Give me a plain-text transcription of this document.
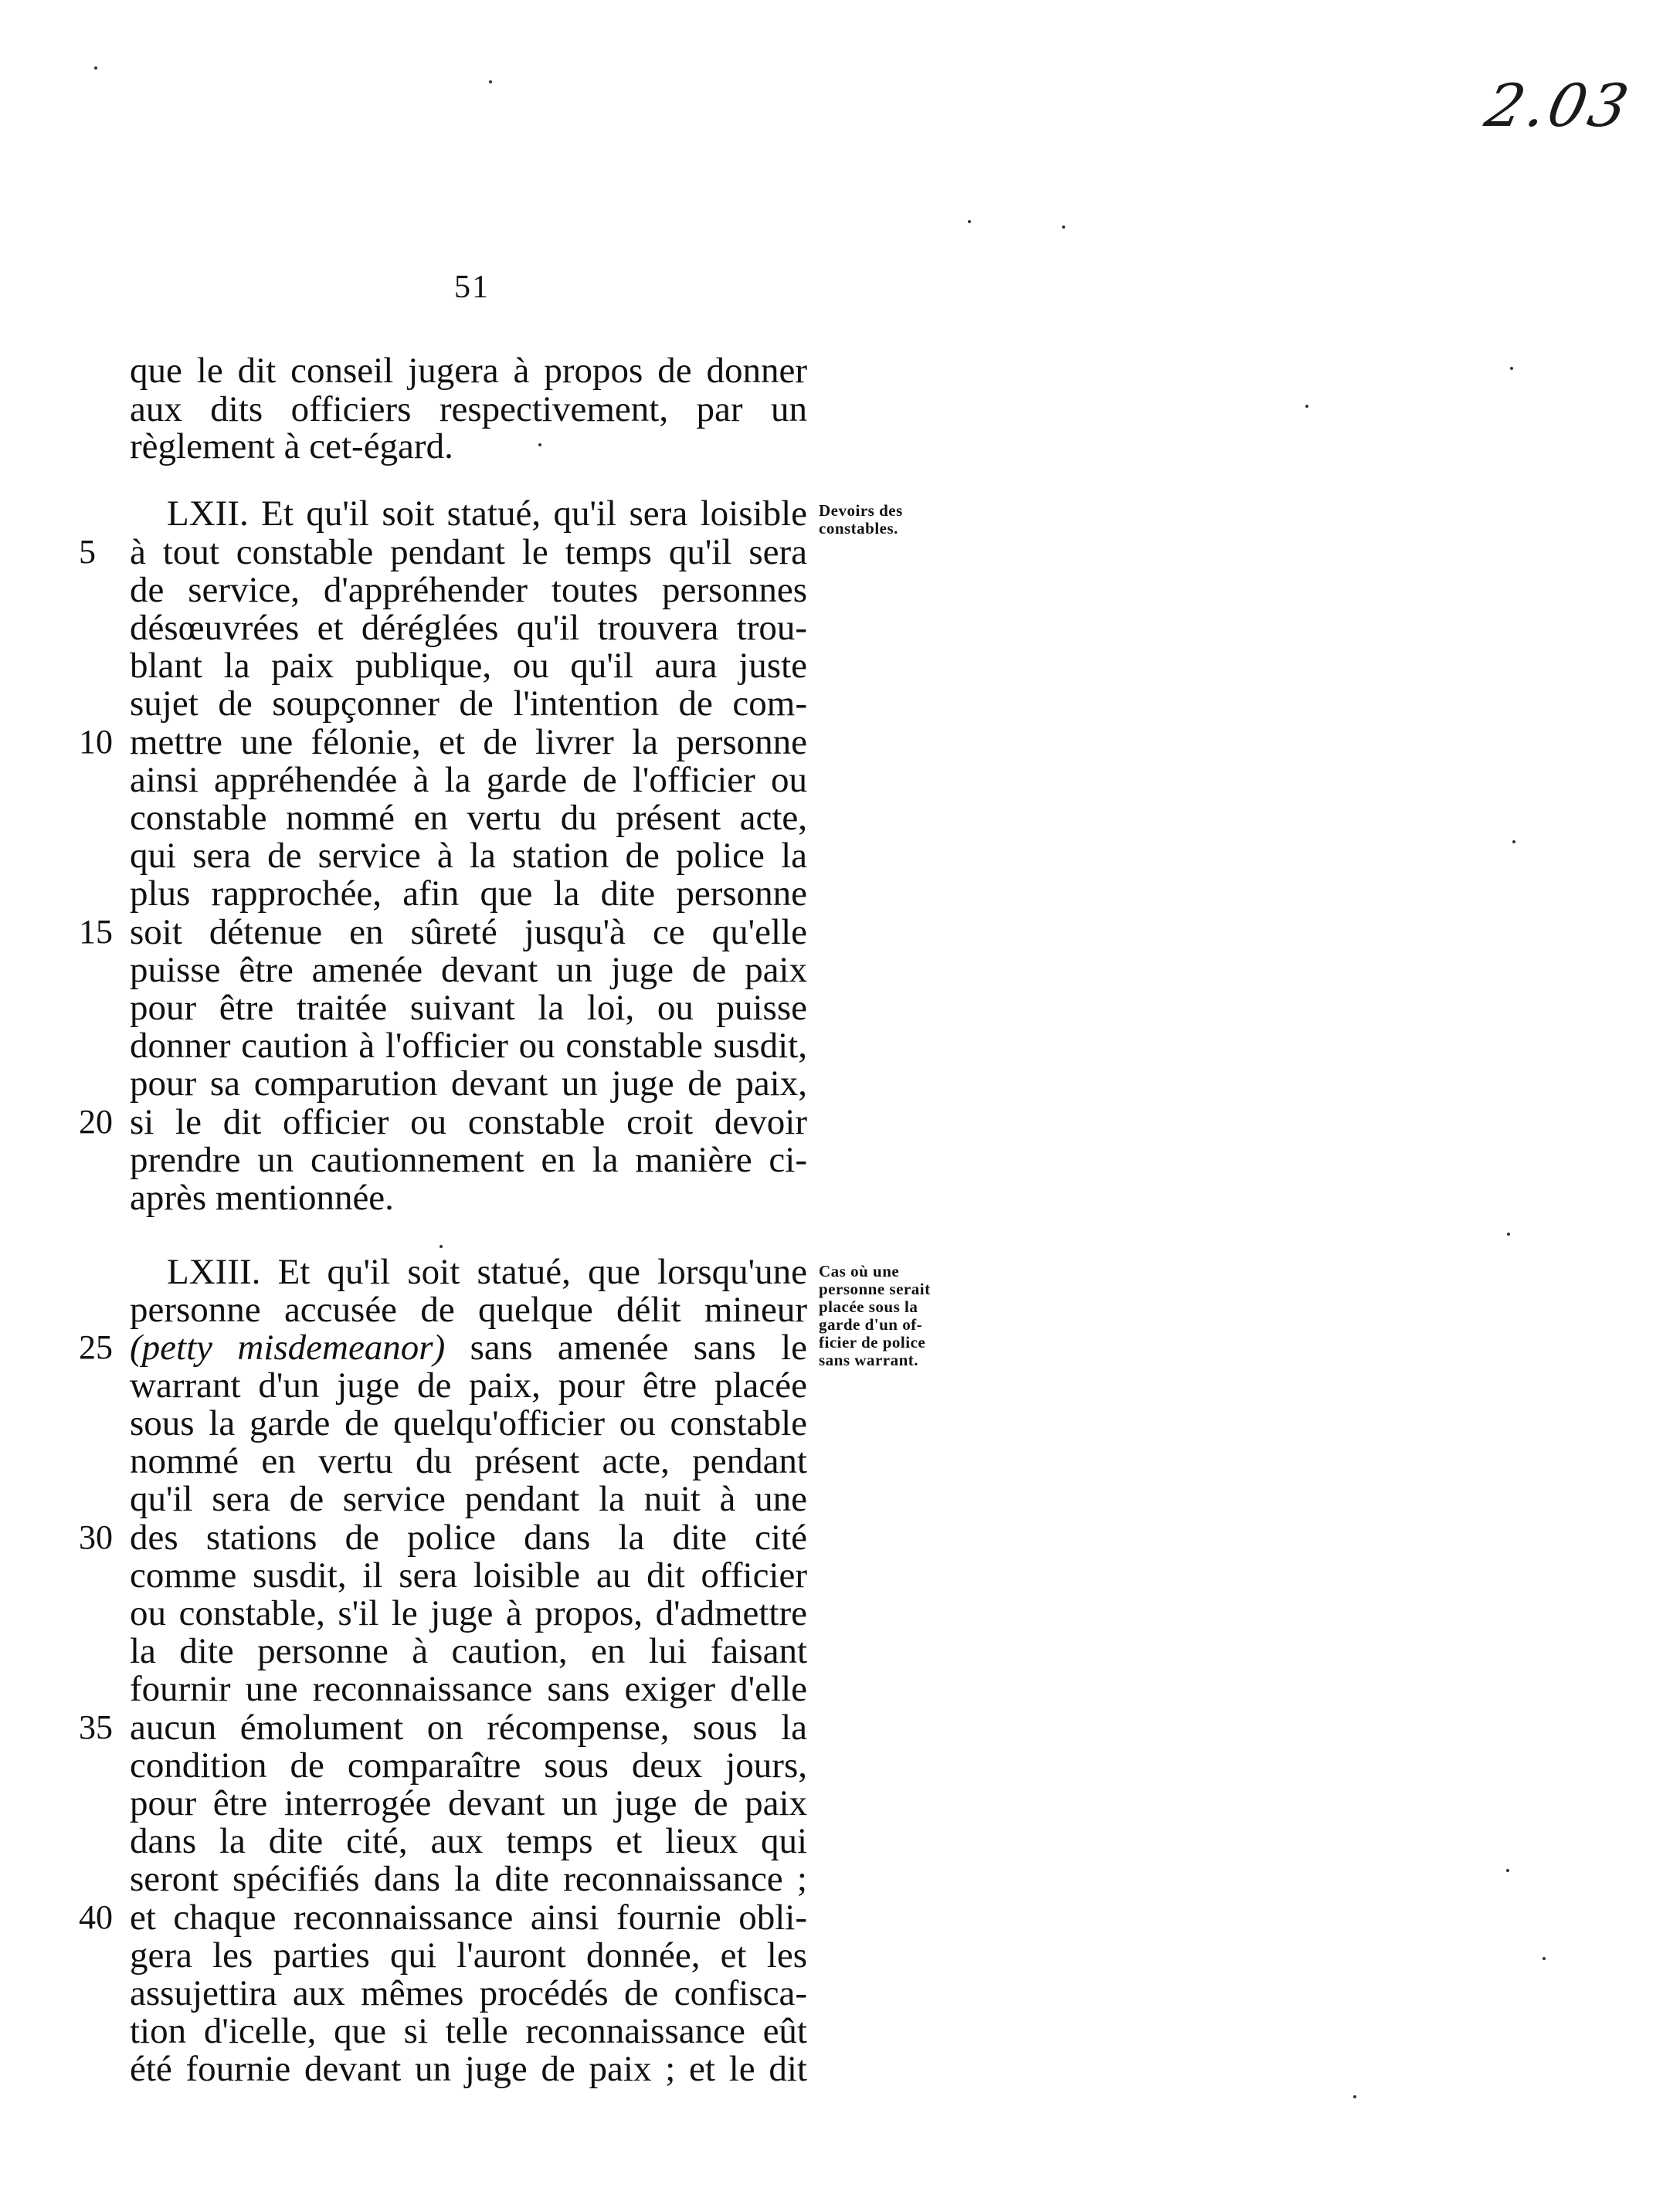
2.03
51
que le dit conseil jugera à propos de donner
aux dits officiers respectivement, par un
règlement à cet-égard.
Devoirs des
constables.
LXII. Et qu'il soit statué, qu'il sera loisible
5 à tout constable pendant le temps qu'il sera
de service, d'appréhender toutes personnes
désœuvrées et déréglées qu'il trouvera trou-
blant la paix publique, ou qu'il aura juste
sujet de soupçonner de l'intention de com-
10 mettre une félonie, et de livrer la personne
ainsi appréhendée à la garde de l'officier ou
constable nommé en vertu du présent acte,
qui sera de service à la station de police la
plus rapprochée, afin que la dite personne
15 soit détenue en sûreté jusqu'à ce qu'elle
puisse être amenée devant un juge de paix
pour être traitée suivant la loi, ou puisse
donner caution à l'officier ou constable susdit,
pour sa comparution devant un juge de paix,
20 si le dit officier ou constable croit devoir
prendre un cautionnement en la manière ci-
après mentionnée.
Cas où une
personne serait
placée sous la
garde d'un of-
ficier de police
sans warrant.
LXIII. Et qu'il soit statué, que lorsqu'une
personne accusée de quelque délit mineur
25 (petty misdemeanor) sans amenée sans le
warrant d'un juge de paix, pour être placée
sous la garde de quelqu'officier ou constable
nommé en vertu du présent acte, pendant
qu'il sera de service pendant la nuit à une
30 des stations de police dans la dite cité
comme susdit, il sera loisible au dit officier
ou constable, s'il le juge à propos, d'admettre
la dite personne à caution, en lui faisant
fournir une reconnaissance sans exiger d'elle
35 aucun émolument on récompense, sous la
condition de comparaître sous deux jours,
pour être interrogée devant un juge de paix
dans la dite cité, aux temps et lieux qui
seront spécifiés dans la dite reconnaissance ;
40 et chaque reconnaissance ainsi fournie obli-
gera les parties qui l'auront donnée, et les
assujettira aux mêmes procédés de confisca-
tion d'icelle, que si telle reconnaissance eût
été fournie devant un juge de paix ; et le dit
